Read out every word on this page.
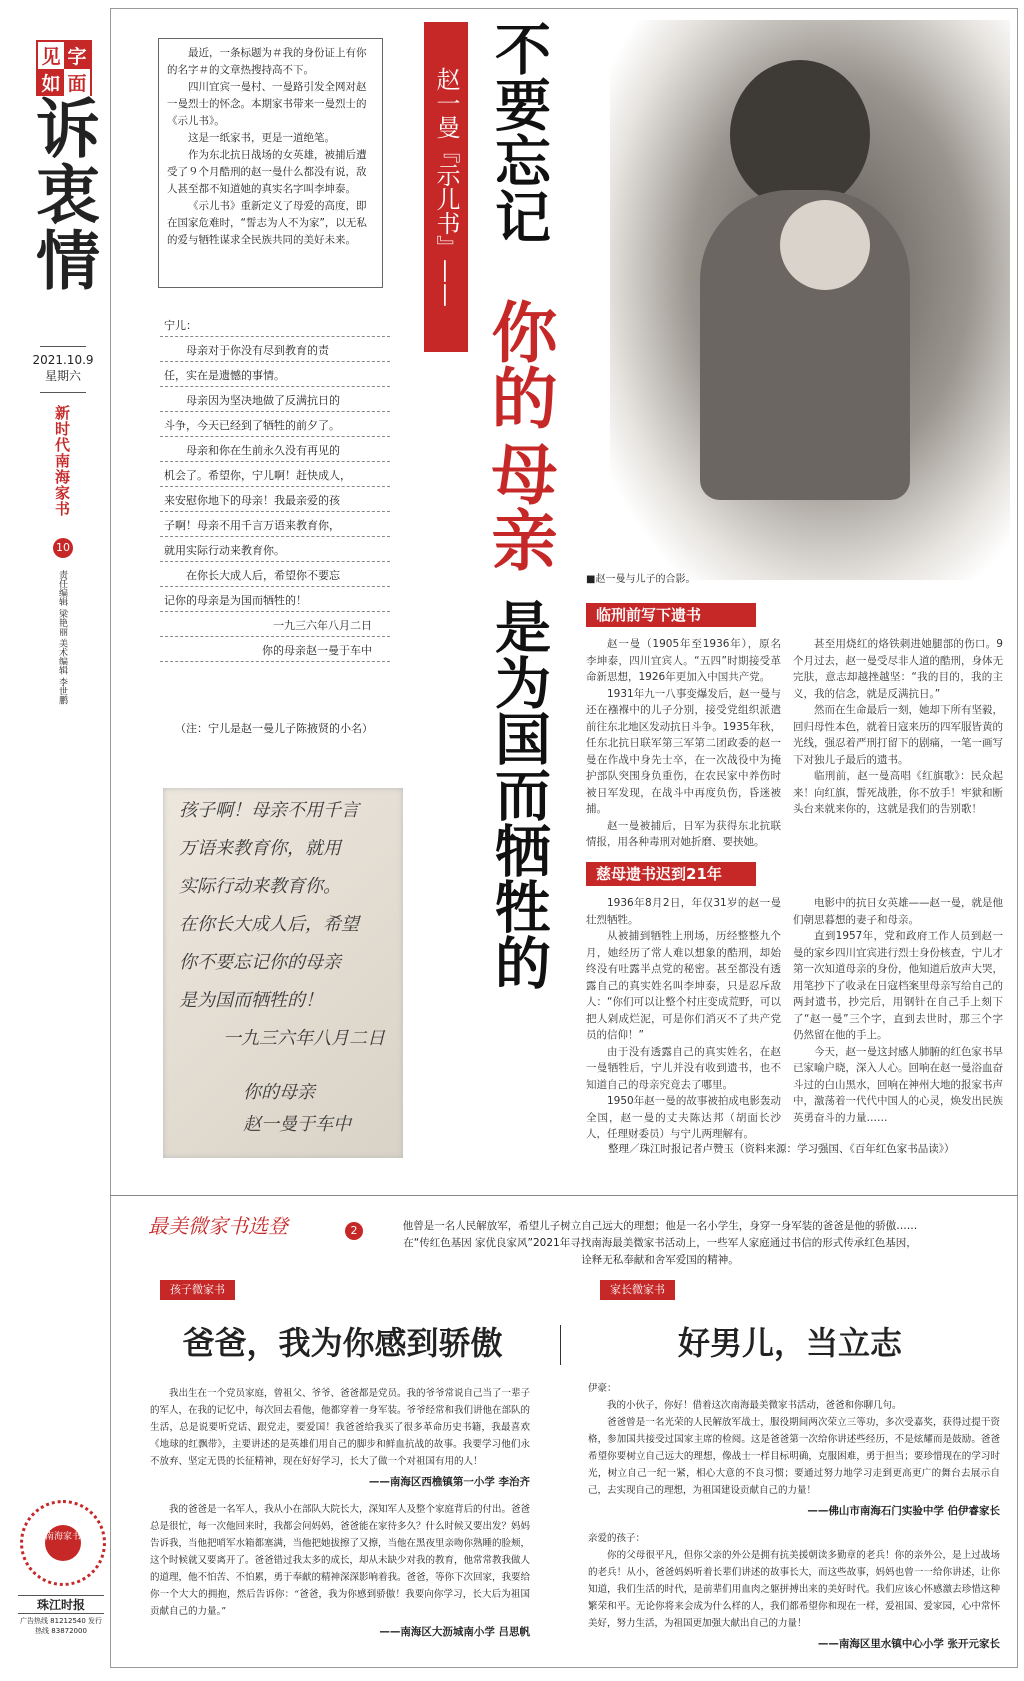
见 字
如 面
诉衷情
2021.10.9
星期六
新时代南海家书
10
责任编辑 梁艳丽 美术编辑 李世鹏
南海家书
珠江时报
广告热线 81212540 发行热线 83872000

最近，一条标题为＃我的身份证上有你的名字＃的文章热搜持高不下。

四川宜宾一曼村、一曼路引发全网对赵一曼烈士的怀念。本期家书带来一曼烈士的《示儿书》。

这是一纸家书，更是一道绝笔。

作为东北抗日战场的女英雄，被捕后遭受了９个月酷刑的赵一曼什么都没有说，敌人甚至都不知道她的真实名字叫李坤泰。

《示儿书》重新定义了母爱的高度，即在国家危难时，“誓志为人不为家”，以无私的爱与牺牲谋求全民族共同的美好未来。

宁儿：
母亲对于你没有尽到教育的责
任，实在是遗憾的事情。
母亲因为坚决地做了反满抗日的
斗争，今天已经到了牺牲的前夕了。
母亲和你在生前永久没有再见的
机会了。希望你，宁儿啊！赶快成人，
来安慰你地下的母亲！我最亲爱的孩
子啊！母亲不用千言万语来教育你，
就用实际行动来教育你。
在你长大成人后，希望你不要忘
记你的母亲是为国而牺牲的！
一九三六年八月二日
你的母亲赵一曼于车中
（注：宁儿是赵一曼儿子陈掖贤的小名）
孩子啊！母亲不用千言
万语来教育你，就用
实际行动来教育你。
在你长大成人后，希望
你不要忘记你的母亲
是为国而牺牲的！
一九三六年八月二日
你的母亲
赵一曼于车中
赵一曼『示儿书』—— 不要忘记
你的
母亲
是为国而牺牲的
■赵一曼与儿子的合影。
临刑前写下遗书

赵一曼（1905年至1936年），原名李坤泰，四川宜宾人。“五四”时期接受革命新思想，1926年更加入中国共产党。

1931年九一八事变爆发后，赵一曼与还在襁褓中的儿子分别，接受党组织派遣前往东北地区发动抗日斗争。1935年秋，任东北抗日联军第三军第二团政委的赵一曼在作战中身先士卒，在一次战役中为掩护部队突围身负重伤，在农民家中养伤时被日军发现，在战斗中再度负伤，昏迷被捕。

赵一曼被捕后，日军为获得东北抗联情报，用各种毒刑对她折磨、要挟她。

甚至用烧红的烙铁刺进她腿部的伤口。9个月过去，赵一曼受尽非人道的酷刑，身体无完肤，意志却越挫越坚：“我的目的，我的主义，我的信念，就是反满抗日。”

然而在生命最后一刻，她却下所有坚毅，回归母性本色，就着日寇来历的四军服皆黄的光线，强忍着严刑打留下的剧痛，一笔一画写下对独儿子最后的遗书。

临刑前，赵一曼高唱《红旗歌》：民众起来！向红旗，誓死战胜，你不放手！牢狱和断头台来就来你的，这就是我们的告别歌！

慈母遗书迟到21年

1936年8月2日，年仅31岁的赵一曼壮烈牺牲。

从被捕到牺牲上刑场，历经整整九个月，她经历了常人难以想象的酷刑，却始终没有吐露半点党的秘密。甚至都没有透露自己的真实姓名叫李坤泰，只是忍斥敌人：“你们可以让整个村庄变成荒野，可以把人剁成烂泥，可是你们消灭不了共产党员的信仰！”

由于没有透露自己的真实姓名，在赵一曼牺牲后，宁儿并没有收到遗书，也不知道自己的母亲究竟去了哪里。

1950年赵一曼的故事被拍成电影轰动全国，赵一曼的丈夫陈达邦（胡面长沙人，任理财委员）与宁儿两理解有。

电影中的抗日女英雄——赵一曼，就是他们朝思暮想的妻子和母亲。

直到1957年，党和政府工作人员到赵一曼的家乡四川宜宾进行烈士身份核查，宁儿才第一次知道母亲的身份，他知道后放声大哭，用笔抄下了收录在日寇档案里母亲写给自己的两封遗书，抄完后，用钢针在自己手上刻下了“赵一曼”三个字，直到去世时，那三个字仍然留在他的手上。

今天，赵一曼这封感人肺腑的红色家书早已家喻户晓，深入人心。回响在赵一曼浴血奋斗过的白山黑水，回响在神州大地的报家书声中，激荡着一代代中国人的心灵，焕发出民族英勇奋斗的力量……

整理／珠江时报记者卢赞玉（资料来源：学习强国、《百年红色家书品读》）
最美微家书选登	2	他曾是一名人民解放军，希望儿子树立自己远大的理想；他是一名小学生，身穿一身军装的爸爸是他的骄傲……
在“传红色基因 家优良家风”2021年寻找南海最美微家书活动上，一些军人家庭通过书信的形式传承红色基因，诠释无私奉献和舍军爱国的精神。
孩子微家书
爸爸，我为你感到骄傲

我出生在一个党员家庭，曾祖父、爷爷、爸爸都是党员。我的爷爷常说自己当了一辈子的军人，在我的记忆中，每次回去看他，他都穿着一身军装。爷爷经常和我们讲他在部队的生活，总是说要听党话、跟党走，要爱国！我爸爸给我买了很多革命历史书籍，我最喜欢《地球的红飘带》，主要讲述的是英雄们用自己的脚步和鲜血抗战的故事。我要学习他们永不放弃、坚定无畏的长征精神，现在好好学习，长大了做一个对祖国有用的人！

——南海区西樵镇第一小学 李治齐

我的爸爸是一名军人，我从小在部队大院长大，深知军人及整个家庭背后的付出。爸爸总是很忙，每一次他回来时，我都会问妈妈，爸爸能在家待多久？什么时候又要出发？妈妈告诉我，当他把哨军水箱都塞满，当他把她拔擦了又擦，当他在黑夜里亲吻你熟睡的脸颊，这个时候就又要离开了。爸爸错过我太多的成长，却从未缺少对我的教育，他常常教我做人的道理，他不怕苦、不怕累，勇于奉献的精神深深影响着我。爸爸，等你下次回家，我要给你一个大大的拥抱，然后告诉你：“爸爸，我为你感到骄傲！我要向你学习，长大后为祖国贡献自己的力量。”

——南海区大沥城南小学 吕思帆
家长微家书
好男儿，当立志
伊豪：

我的小伙子，你好！借着这次南海最美微家书活动，爸爸和你聊几句。

爸爸曾是一名光荣的人民解放军战士，服役期间两次荣立三等功，多次受嘉奖，获得过提干资格，参加国共接受过国家主席的检阅。这是爸爸第一次给你讲述些经历，不是炫耀而是鼓励。爸爸希望你要树立自己远大的理想，像战士一样目标明确，克服困难，勇于担当；要珍惜现在的学习时光，树立自己一纪一紧，相心大意的不良习惯；要通过努力地学习走到更高更广的舞台去展示自己，去实现自己的理想，为祖国建设贡献自己的力量！

——佛山市南海石门实验中学 伯伊睿家长
亲爱的孩子：

你的父母很平凡，但你父亲的外公是拥有抗美援朝读多勤章的老兵！你的亲外公，是上过战场的老兵！从小，爸爸妈妈听着长辈们讲述的故事长大，而这些故事，妈妈也曾一一给你讲述，让你知道，我们生活的时代，是前辈们用血肉之躯拼搏出来的美好时代。我们应该心怀感激去珍惜这种繁荣和平。无论你将来会成为什么样的人，我们都希望你和现在一样，爱祖国、爱家园，心中常怀美好，努力生活，为祖国更加强大献出自己的力量！

——南海区里水镇中心小学 张开元家长
